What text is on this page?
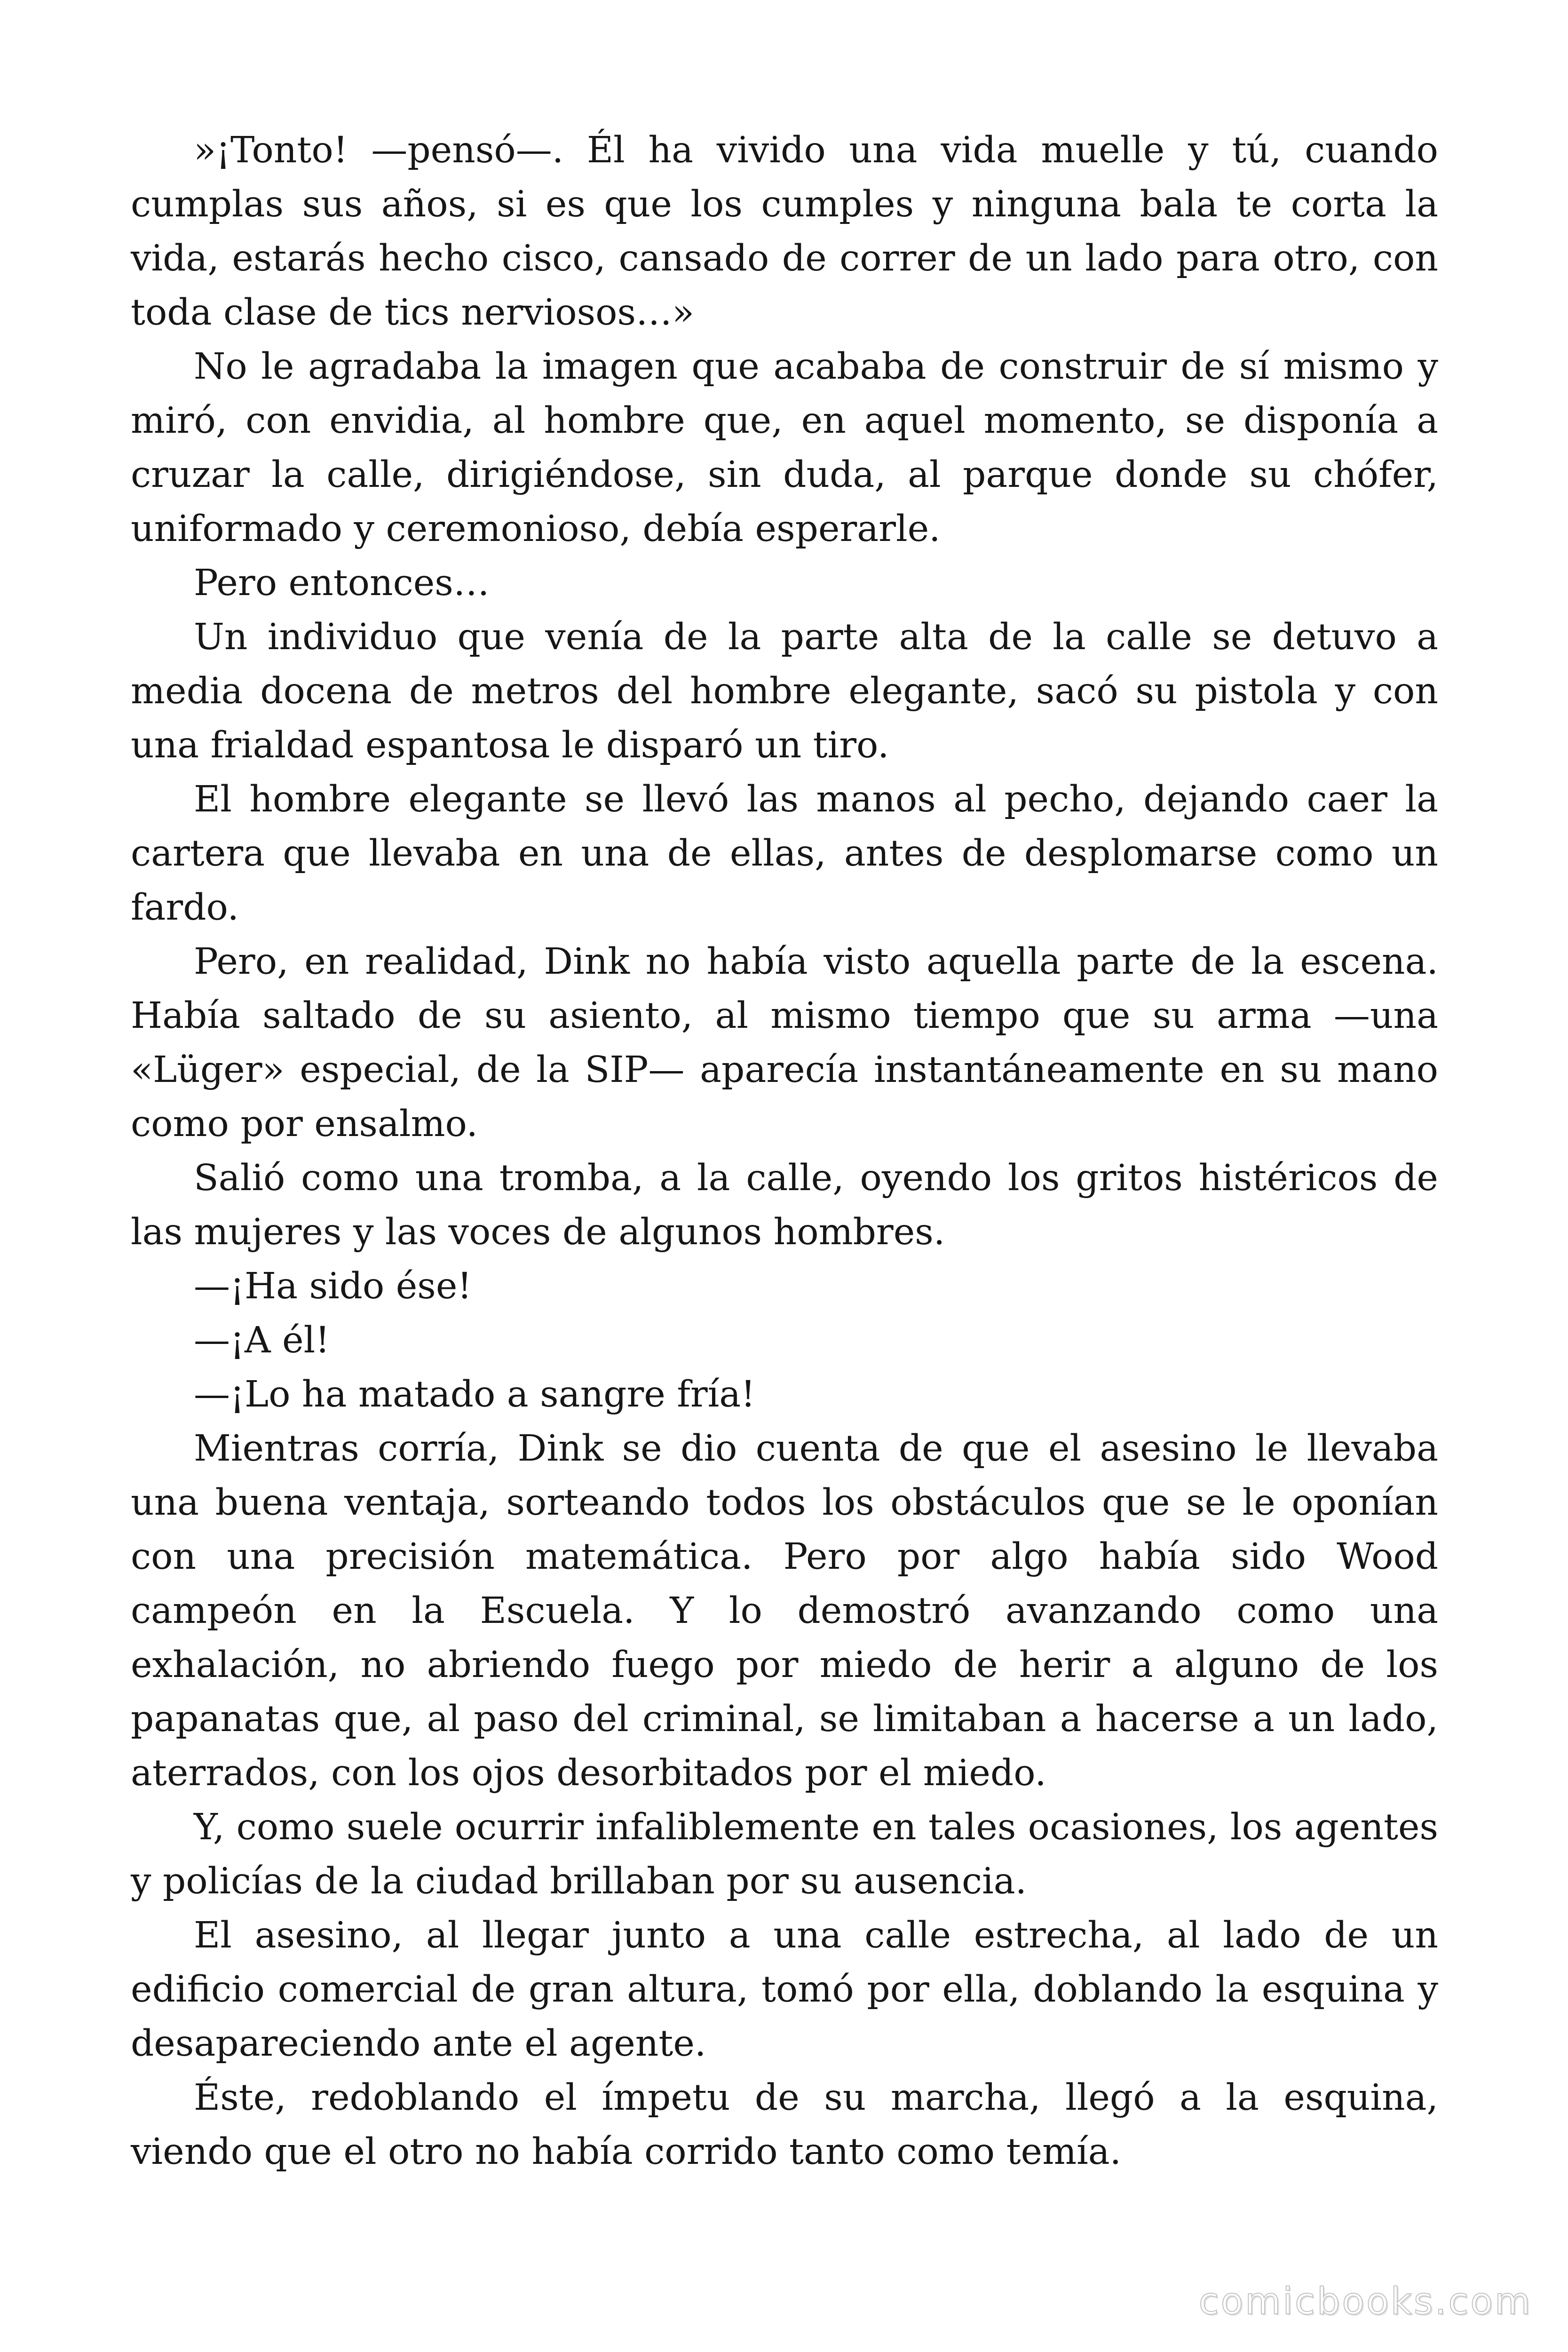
»¡Tonto! —pensó—. Él ha vivido una vida muelle y tú, cuando cumplas sus años, si es que los cumples y ninguna bala te corta la vida, estarás hecho cisco, cansado de correr de un lado para otro, con toda clase de tics nerviosos…»

No le agradaba la imagen que acababa de construir de sí mismo y miró, con envidia, al hombre que, en aquel momento, se disponía a cruzar la calle, dirigiéndose, sin duda, al parque donde su chófer, uniformado y ceremonioso, debía esperarle.

Pero entonces…

Un individuo que venía de la parte alta de la calle se detuvo a media docena de metros del hombre elegante, sacó su pistola y con una frialdad espantosa le disparó un tiro.

El hombre elegante se llevó las manos al pecho, dejando caer la cartera que llevaba en una de ellas, antes de desplomarse como un fardo.

Pero, en realidad, Dink no había visto aquella parte de la escena. Había saltado de su asiento, al mismo tiempo que su arma —una «Lüger» especial, de la SIP— aparecía instantáneamente en su mano como por ensalmo.

Salió como una tromba, a la calle, oyendo los gritos histéricos de las mujeres y las voces de algunos hombres.

—¡Ha sido ése!

—¡A él!

—¡Lo ha matado a sangre fría!

Mientras corría, Dink se dio cuenta de que el asesino le llevaba una buena ventaja, sorteando todos los obstáculos que se le oponían con una precisión matemática. Pero por algo había sido Wood campeón en la Escuela. Y lo demostró avanzando como una exhalación, no abriendo fuego por miedo de herir a alguno de los papanatas que, al paso del criminal, se limitaban a hacerse a un lado, aterrados, con los ojos desorbitados por el miedo.

Y, como suele ocurrir infaliblemente en tales ocasiones, los agentes y policías de la ciudad brillaban por su ausencia.

El asesino, al llegar junto a una calle estrecha, al lado de un edificio comercial de gran altura, tomó por ella, doblando la esquina y desapareciendo ante el agente.

Éste, redoblando el ímpetu de su marcha, llegó a la esquina, viendo que el otro no había corrido tanto como temía.

comicbooks.com
